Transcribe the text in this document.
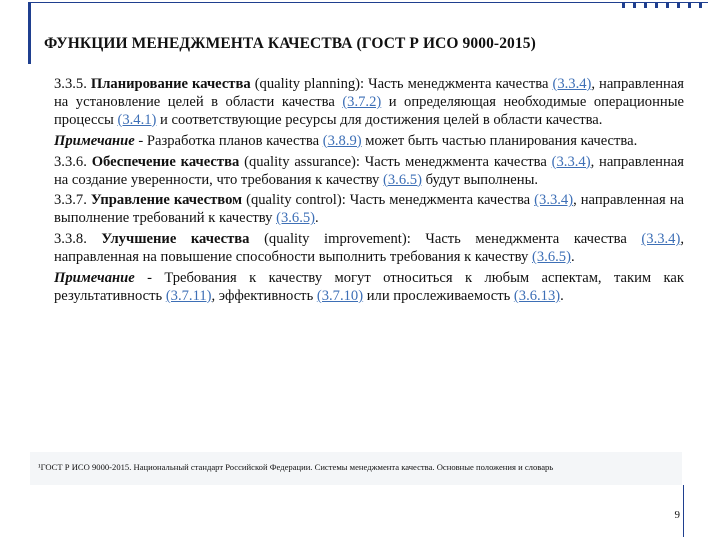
ФУНКЦИИ МЕНЕДЖМЕНТА КАЧЕСТВА (ГОСТ Р ИСО 9000-2015)

3.3.5. Планирование качества (quality planning): Часть менеджмента качества (3.3.4), направленная на установление целей в области качества (3.7.2) и определяющая необходимые операционные процессы (3.4.1) и соответствующие ресурсы для достижения целей в области качества.

Примечание - Разработка планов качества (3.8.9) может быть частью планирования качества.

3.3.6. Обеспечение качества (quality assurance): Часть менеджмента качества (3.3.4), направленная на создание уверенности, что требования к качеству (3.6.5) будут выполнены.

3.3.7. Управление качеством (quality control): Часть менеджмента качества (3.3.4), направленная на выполнение требований к качеству (3.6.5).

3.3.8. Улучшение качества (quality improvement): Часть менеджмента качества (3.3.4), направленная на повышение способности выполнить требования к качеству (3.6.5).

Примечание - Требования к качеству могут относиться к любым аспектам, таким как результативность (3.7.11), эффективность (3.7.10) или прослеживаемость (3.6.13).

¹ГОСТ Р ИСО 9000-2015. Национальный стандарт Российской Федерации. Системы менеджмента качества. Основные положения и словарь
9
